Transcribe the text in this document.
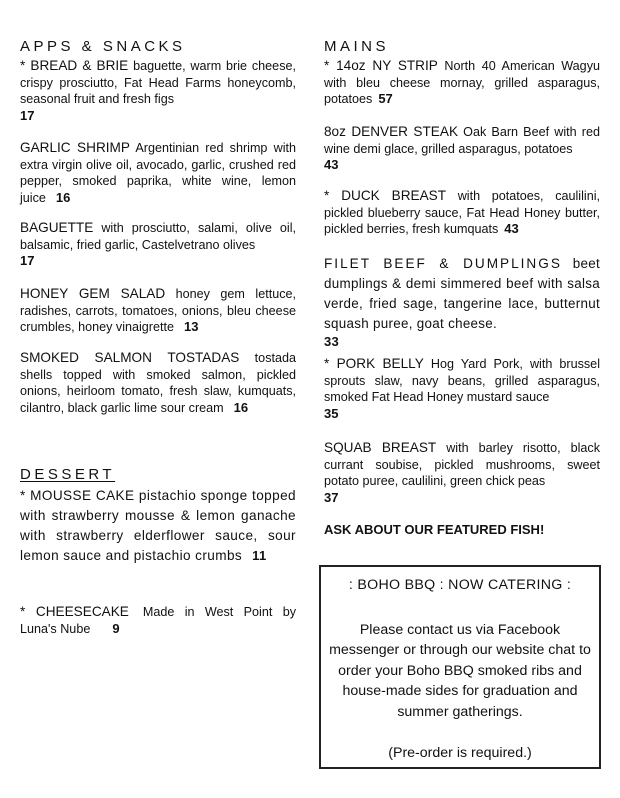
APPS & SNACKS
* BREAD & BRIE baguette, warm brie cheese, crispy prosciutto, Fat Head Farms honeycomb, seasonal fruit and fresh figs
17
GARLIC SHRIMP Argentinian red shrimp with extra virgin olive oil, avocado, garlic, crushed red pepper, smoked paprika, white wine, lemon juice 16
BAGUETTE with prosciutto, salami, olive oil, balsamic, fried garlic, Castelvetrano olives
17
HONEY GEM SALAD honey gem lettuce, radishes, carrots, tomatoes, onions, bleu cheese crumbles, honey vinaigrette 13
SMOKED SALMON TOSTADAS tostada shells topped with smoked salmon, pickled onions, heirloom tomato, fresh slaw, kumquats, cilantro, black garlic lime sour cream 16
DESSERT
* MOUSSE CAKE pistachio sponge topped with strawberry mousse & lemon ganache with strawberry elderflower sauce, sour lemon sauce and pistachio crumbs 11
* CHEESECAKE Made in West Point by Luna's Nube 9
MAINS
* 14oz NY STRIP North 40 American Wagyu with bleu cheese mornay, grilled asparagus, potatoes 57
8oz DENVER STEAK Oak Barn Beef with red wine demi glace, grilled asparagus, potatoes
43
* DUCK BREAST with potatoes, caulilini, pickled blueberry sauce, Fat Head Honey butter, pickled berries, fresh kumquats 43
FILET BEEF & DUMPLINGS beet dumplings & demi simmered beef with salsa verde, fried sage, tangerine lace, butternut squash puree, goat cheese.
33
* PORK BELLY Hog Yard Pork, with brussel sprouts slaw, navy beans, grilled asparagus, smoked Fat Head Honey mustard sauce
35
SQUAB BREAST with barley risotto, black currant soubise, pickled mushrooms, sweet potato puree, caulilini, green chick peas
37
ASK ABOUT OUR FEATURED FISH!
: BOHO BBQ : NOW CATERING :
Please contact us via Facebook messenger or through our website chat to order your Boho BBQ smoked ribs and house-made sides for graduation and summer gatherings.
(Pre-order is required.)
